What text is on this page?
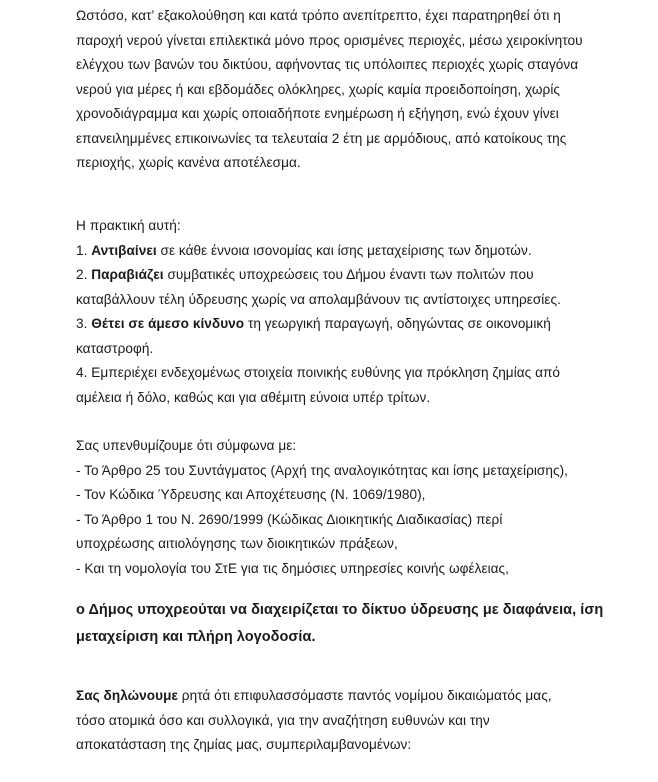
Ωστόσο, κατ’ εξακολούθηση και κατά τρόπο ανεπίτρεπτο, έχει παρατηρηθεί ότι η
παροχή νερού γίνεται επιλεκτικά μόνο προς ορισμένες περιοχές, μέσω χειροκίνητου
ελέγχου των βανών του δικτύου, αφήνοντας τις υπόλοιπες περιοχές χωρίς σταγόνα
νερού για μέρες ή και εβδομάδες ολόκληρες, χωρίς καμία προειδοποίηση, χωρίς
χρονοδιάγραμμα και χωρίς οποιαδήποτε ενημέρωση ή εξήγηση, ενώ έχουν γίνει
επανειλημμένες επικοινωνίες τα τελευταία 2 έτη με αρμόδιους, από κατοίκους της
περιοχής, χωρίς κανένα αποτέλεσμα.
Η πρακτική αυτή:
1. Αντιβαίνει σε κάθε έννοια ισονομίας και ίσης μεταχείρισης των δημοτών.
2. Παραβιάζει συμβατικές υποχρεώσεις του Δήμου έναντι των πολιτών που
καταβάλλουν τέλη ύδρευσης χωρίς να απολαμβάνουν τις αντίστοιχες υπηρεσίες.
3. Θέτει σε άμεσο κίνδυνο τη γεωργική παραγωγή, οδηγώντας σε οικονομική
καταστροφή.
4. Εμπεριέχει ενδεχομένως στοιχεία ποινικής ευθύνης για πρόκληση ζημίας από
αμέλεια ή δόλο, καθώς και για αθέμιτη εύνοια υπέρ τρίτων.
Σας υπενθυμίζουμε ότι σύμφωνα με:
- Το Άρθρο 25 του Συντάγματος (Αρχή της αναλογικότητας και ίσης μεταχείρισης),
- Τον Κώδικα Ύδρευσης και Αποχέτευσης (Ν. 1069/1980),
- Το Άρθρο 1 του Ν. 2690/1999 (Κώδικας Διοικητικής Διαδικασίας) περί
υποχρέωσης αιτιολόγησης των διοικητικών πράξεων,
- Και τη νομολογία του ΣτΕ για τις δημόσιες υπηρεσίες κοινής ωφέλειας,
ο Δήμος υποχρεούται να διαχειρίζεται το δίκτυο ύδρευσης με διαφάνεια, ίση
μεταχείριση και πλήρη λογοδοσία.
Σας δηλώνουμε ρητά ότι επιφυλασσόμαστε παντός νομίμου δικαιώματός μας,
τόσο ατομικά όσο και συλλογικά, για την αναζήτηση ευθυνών και την
αποκατάσταση της ζημίας μας, συμπεριλαμβανομένων:
